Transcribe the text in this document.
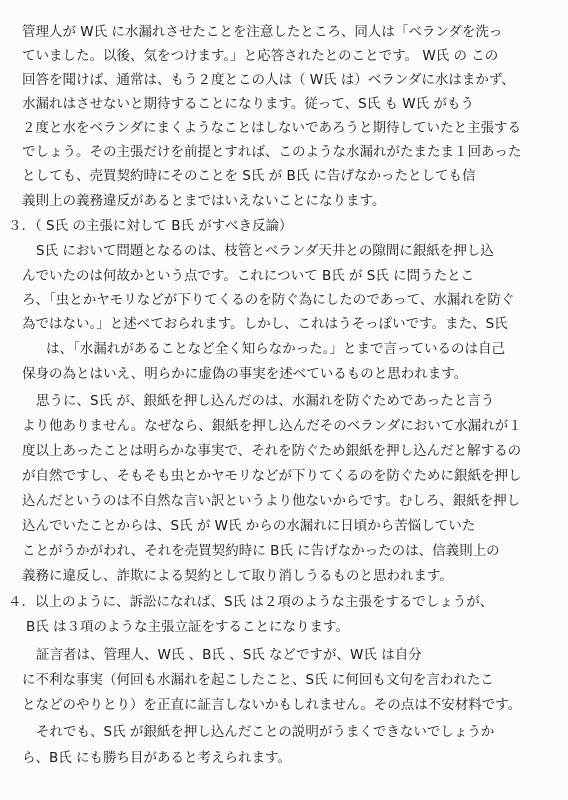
管理人が W氏 に水漏れさせたことを注意したところ、同人は「ベランダを洗っ

ていました。以後、気をつけます。」と応答されたとのことです。 W氏 の この

回答を聞けば、通常は、もう２度とこの人は（ W氏 は）ベランダに水はまかず、

水漏れはさせないと期待することになります。従って、S氏 も W氏 がもう

２度と水をベランダにまくようなことはしないであろうと期待していたと主張する

でしょう。その主張だけを前提とすれば、このような水漏れがたまたま１回あった

としても、売買契約時にそのことを S氏 が B氏 に告げなかったとしても信

義則上の義務違反があるとまではいえないことになります。

３．（ S氏 の主張に対して B氏 がすべき反論）

S氏 において問題となるのは、枝管とベランダ天井との隙間に銀紙を押し込

んでいたのは何故かという点です。これについて B氏 が S氏 に問うたとこ

ろ、「虫とかヤモリなどが下りてくるのを防ぐ為にしたのであって、水漏れを防ぐ

為ではない。」と述べておられます。しかし、これはうそっぽいです。また、S氏

は、「水漏れがあることなど全く知らなかった。」とまで言っているのは自己

保身の為とはいえ、明らかに虚偽の事実を述べているものと思われます。

思うに、S氏 が、銀紙を押し込んだのは、水漏れを防ぐためであったと言う

より他ありません。なぜなら、銀紙を押し込んだそのベランダにおいて水漏れが１

度以上あったことは明らかな事実で、それを防ぐため銀紙を押し込んだと解するの

が自然ですし、そもそも虫とかヤモリなどが下りてくるのを防ぐために銀紙を押し

込んだというのは不自然な言い訳というより他ないからです。むしろ、銀紙を押し

込んでいたことからは、S氏 が W氏 からの水漏れに日頃から苦悩していた

ことがうかがわれ、それを売買契約時に B氏 に告げなかったのは、信義則上の

義務に違反し、詐欺による契約として取り消しうるものと思われます。

４．以上のように、訴訟になれば、S氏 は２項のような主張をするでしょうが、

B氏 は３項のような主張立証をすることになります。

証言者は、管理人、W氏 、B氏 、S氏 などですが、W氏 は自分

に不利な事実（何回も水漏れを起こしたこと、S氏 に何回も文句を言われたこ

となどのやりとり）を正直に証言しないかもしれません。その点は不安材料です。

それでも、S氏 が銀紙を押し込んだことの説明がうまくできないでしょうか

ら、B氏 にも勝ち目があると考えられます。
